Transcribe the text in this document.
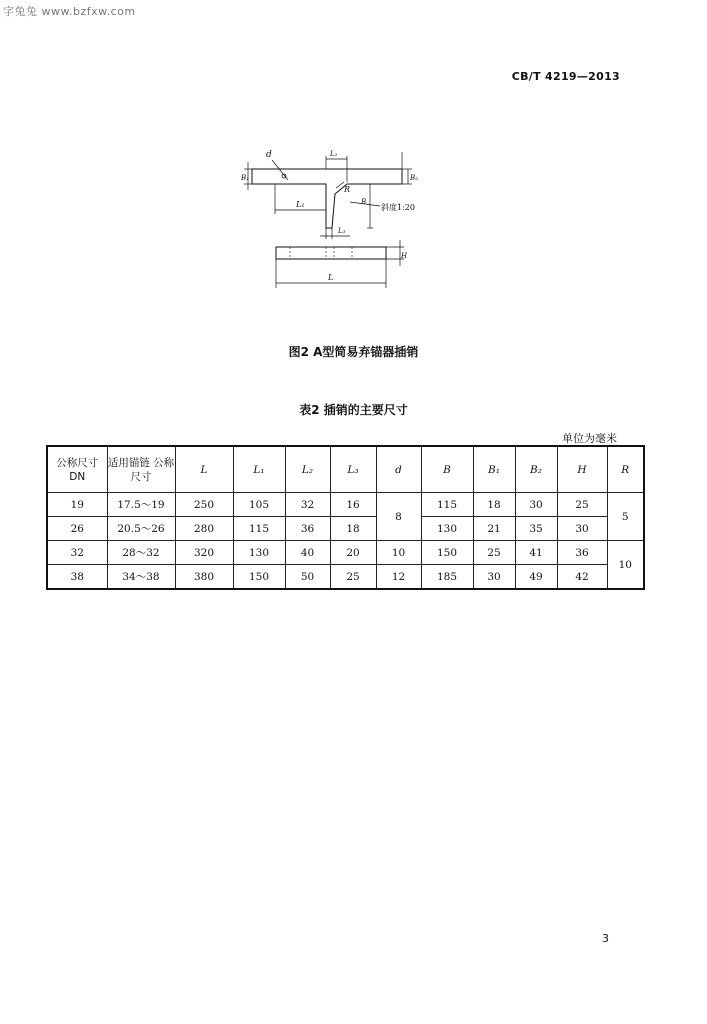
字兔兔 www.bzfxw.com
CB/T 4219—2013
d
B₁
L₂
B₂
R
L₁	B
斜度1:20
L₃
H
L
图2 A型简易弃锚器插销
表2 插销的主要尺寸
单位为毫米
公称尺寸 DN	适用锚链 公称尺寸	L	L₁	L₂	L₃	d	B	B₁	B₂	H	R
19	17.5～19	250	105	32	16	8	115	18	30	25	5
26	20.5～26	280	115	36	18		130	21	35	30	
32	28～32	320	130	40	20	10	150	25	41	36	10
38	34～38	380	150	50	25	12	185	30	49	42	
3
